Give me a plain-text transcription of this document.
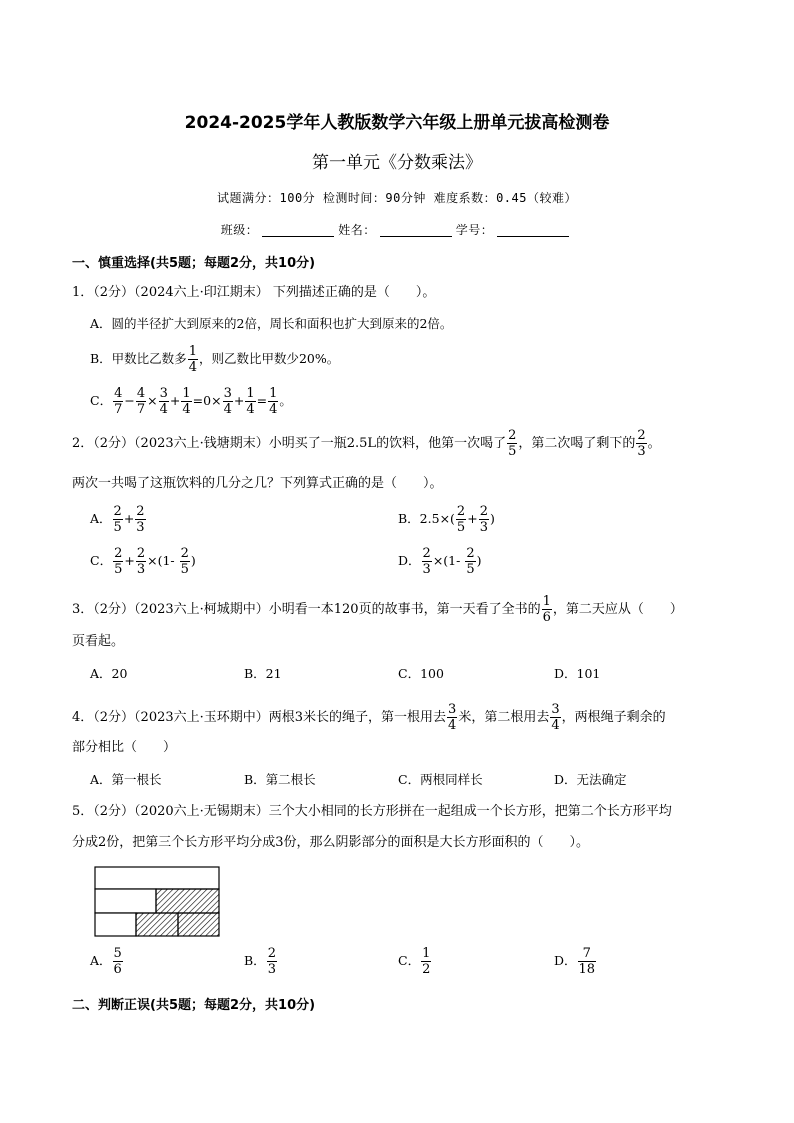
2024-2025学年人教版数学六年级上册单元拔高检测卷
第一单元《分数乘法》
试题满分：100分 检测时间：90分钟 难度系数：0.45（较难）
班级：	姓名：	学号：
一、慎重选择(共5题；每题2分，共10分)
1．（2分）（2024六上·印江期末） 下列描述正确的是（　　）。
A．圆的半径扩大到原来的2倍，周长和面积也扩大到原来的2倍。
B．甲数比乙数多 $\frac{1}{4}$ ，则乙数比甲数少20%。
C． $\frac{4}{7} - \frac{4}{7} \times \frac{3}{4} + \frac{1}{4} =0\times \frac{3}{4} + \frac{1}{4} = \frac{1}{4}$ 。
2．（2分）（2023六上·钱塘期末）小明买了一瓶2.5L的饮料，他第一次喝了 $\frac{2}{5}$ ，第二次喝了剩下的 $\frac{2}{3}$ 。
两次一共喝了这瓶饮料的几分之几？下列算式正确的是（　　）。
A． $\frac{2}{5} + \frac{2}{3}$	B．$2.5\times( \frac{2}{5} + \frac{2}{3}$ )
C． $\frac{2}{5} + \frac{2}{3} \times(1- \frac{2}{5}$ )	D． $\frac{2}{3} \times(1- \frac{2}{5}$ )
3．（2分）（2023六上·柯城期中）小明看一本120页的故事书，第一天看了全书的 $\frac{1}{6}$ ，第二天应从（　　）
页看起。
A．20	B．21	C．100	D．101
4．（2分）（2023六上·玉环期中）两根3米长的绳子，第一根用去 $\frac{3}{4}$ 米，第二根用去 $\frac{3}{4}$ ，两根绳子剩余的
部分相比（　　）
A．第一根长	B．第二根长	C．两根同样长	D．无法确定
5．（2分）（2020六上·无锡期末）三个大小相同的长方形拼在一起组成一个长方形，把第二个长方形平均
分成2份，把第三个长方形平均分成3份，那么阴影部分的面积是大长方形面积的（　　）。
A． $\frac{5}{6}$	B． $\frac{2}{3}$	C． $\frac{1}{2}$	D． $\frac{7}{18}$
二、判断正误(共5题；每题2分，共10分)
